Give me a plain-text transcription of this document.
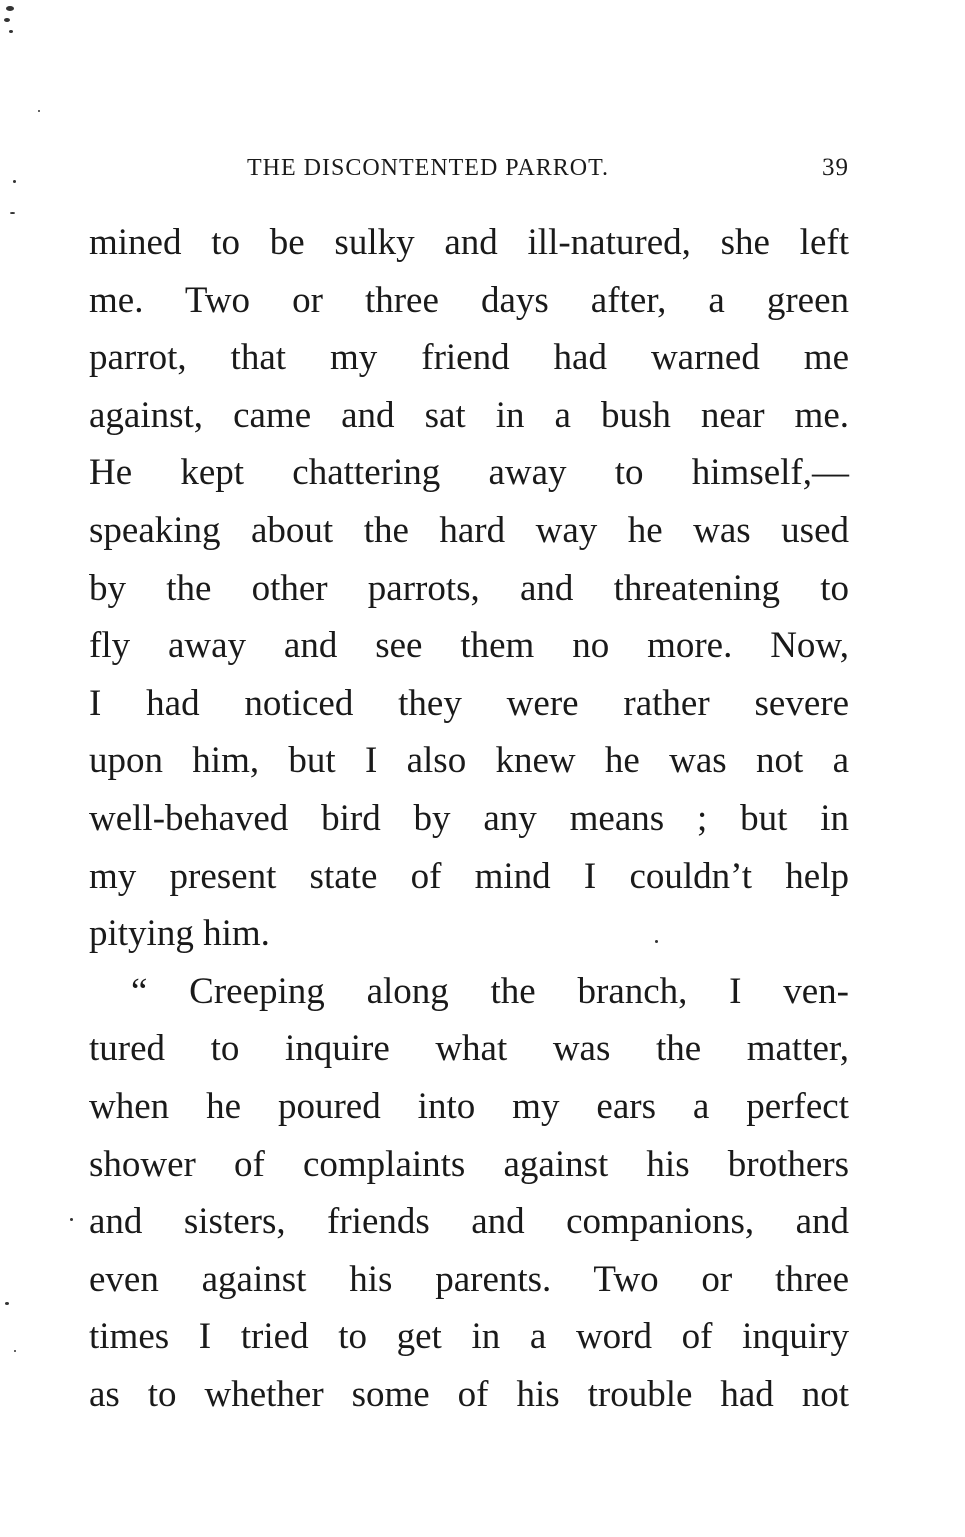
THE DISCONTENTED PARROT.	39
mined to be sulky and ill-natured, she left
me. Two or three days after, a green
parrot, that my friend had warned me
against, came and sat in a bush near me.
He kept chattering away to himself,—
speaking about the hard way he was used
by the other parrots, and threatening to
fly away and see them no more. Now,
I had noticed they were rather severe
upon him, but I also knew he was not a
well-behaved bird by any means ; but in
my present state of mind I couldn’t help
pitying him.
“ Creeping along the branch, I ven-
tured to inquire what was the matter,
when he poured into my ears a perfect
shower of complaints against his brothers
and sisters, friends and companions, and
even against his parents. Two or three
times I tried to get in a word of inquiry
as to whether some of his trouble had not
